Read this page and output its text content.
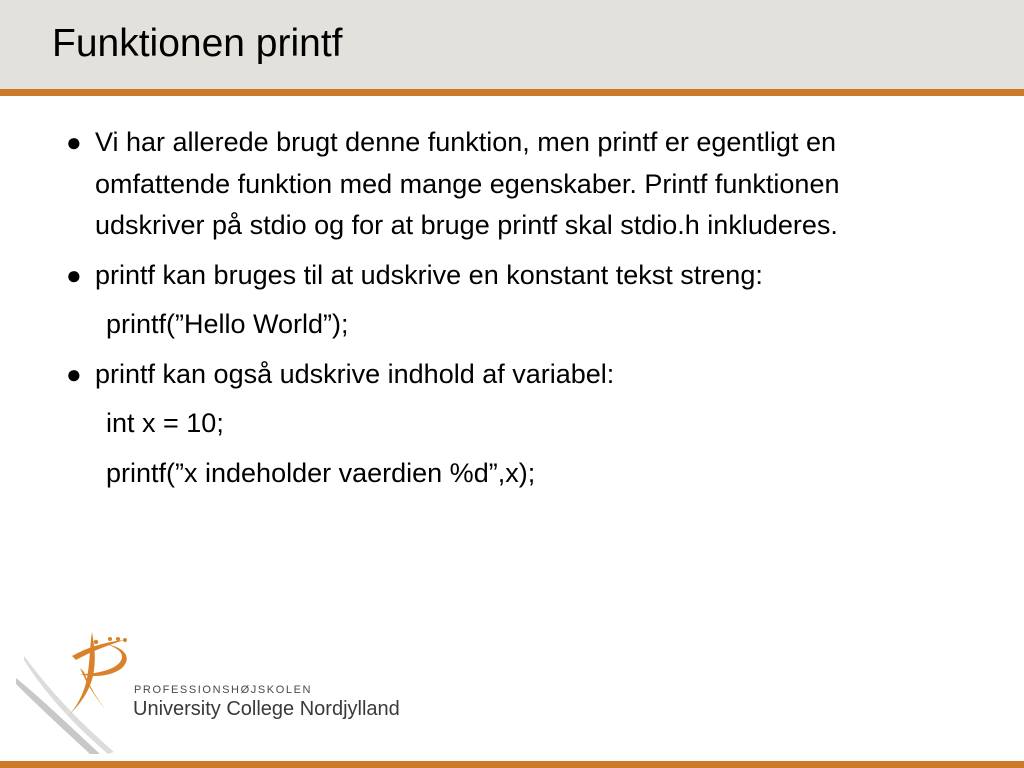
Funktionen printf
● Vi har allerede brugt denne funktion, men printf er egentligt en omfattende funktion med mange egenskaber. Printf funktionen udskriver på stdio og for at bruge printf skal stdio.h inkluderes.
● printf kan bruges til at udskrive en konstant tekst streng:
printf(”Hello World”);
● printf kan også udskrive indhold af variabel:
int x = 10;
printf(”x indeholder vaerdien %d”,x);
PROFESSIONSHØJSKOLEN
University College Nordjylland
